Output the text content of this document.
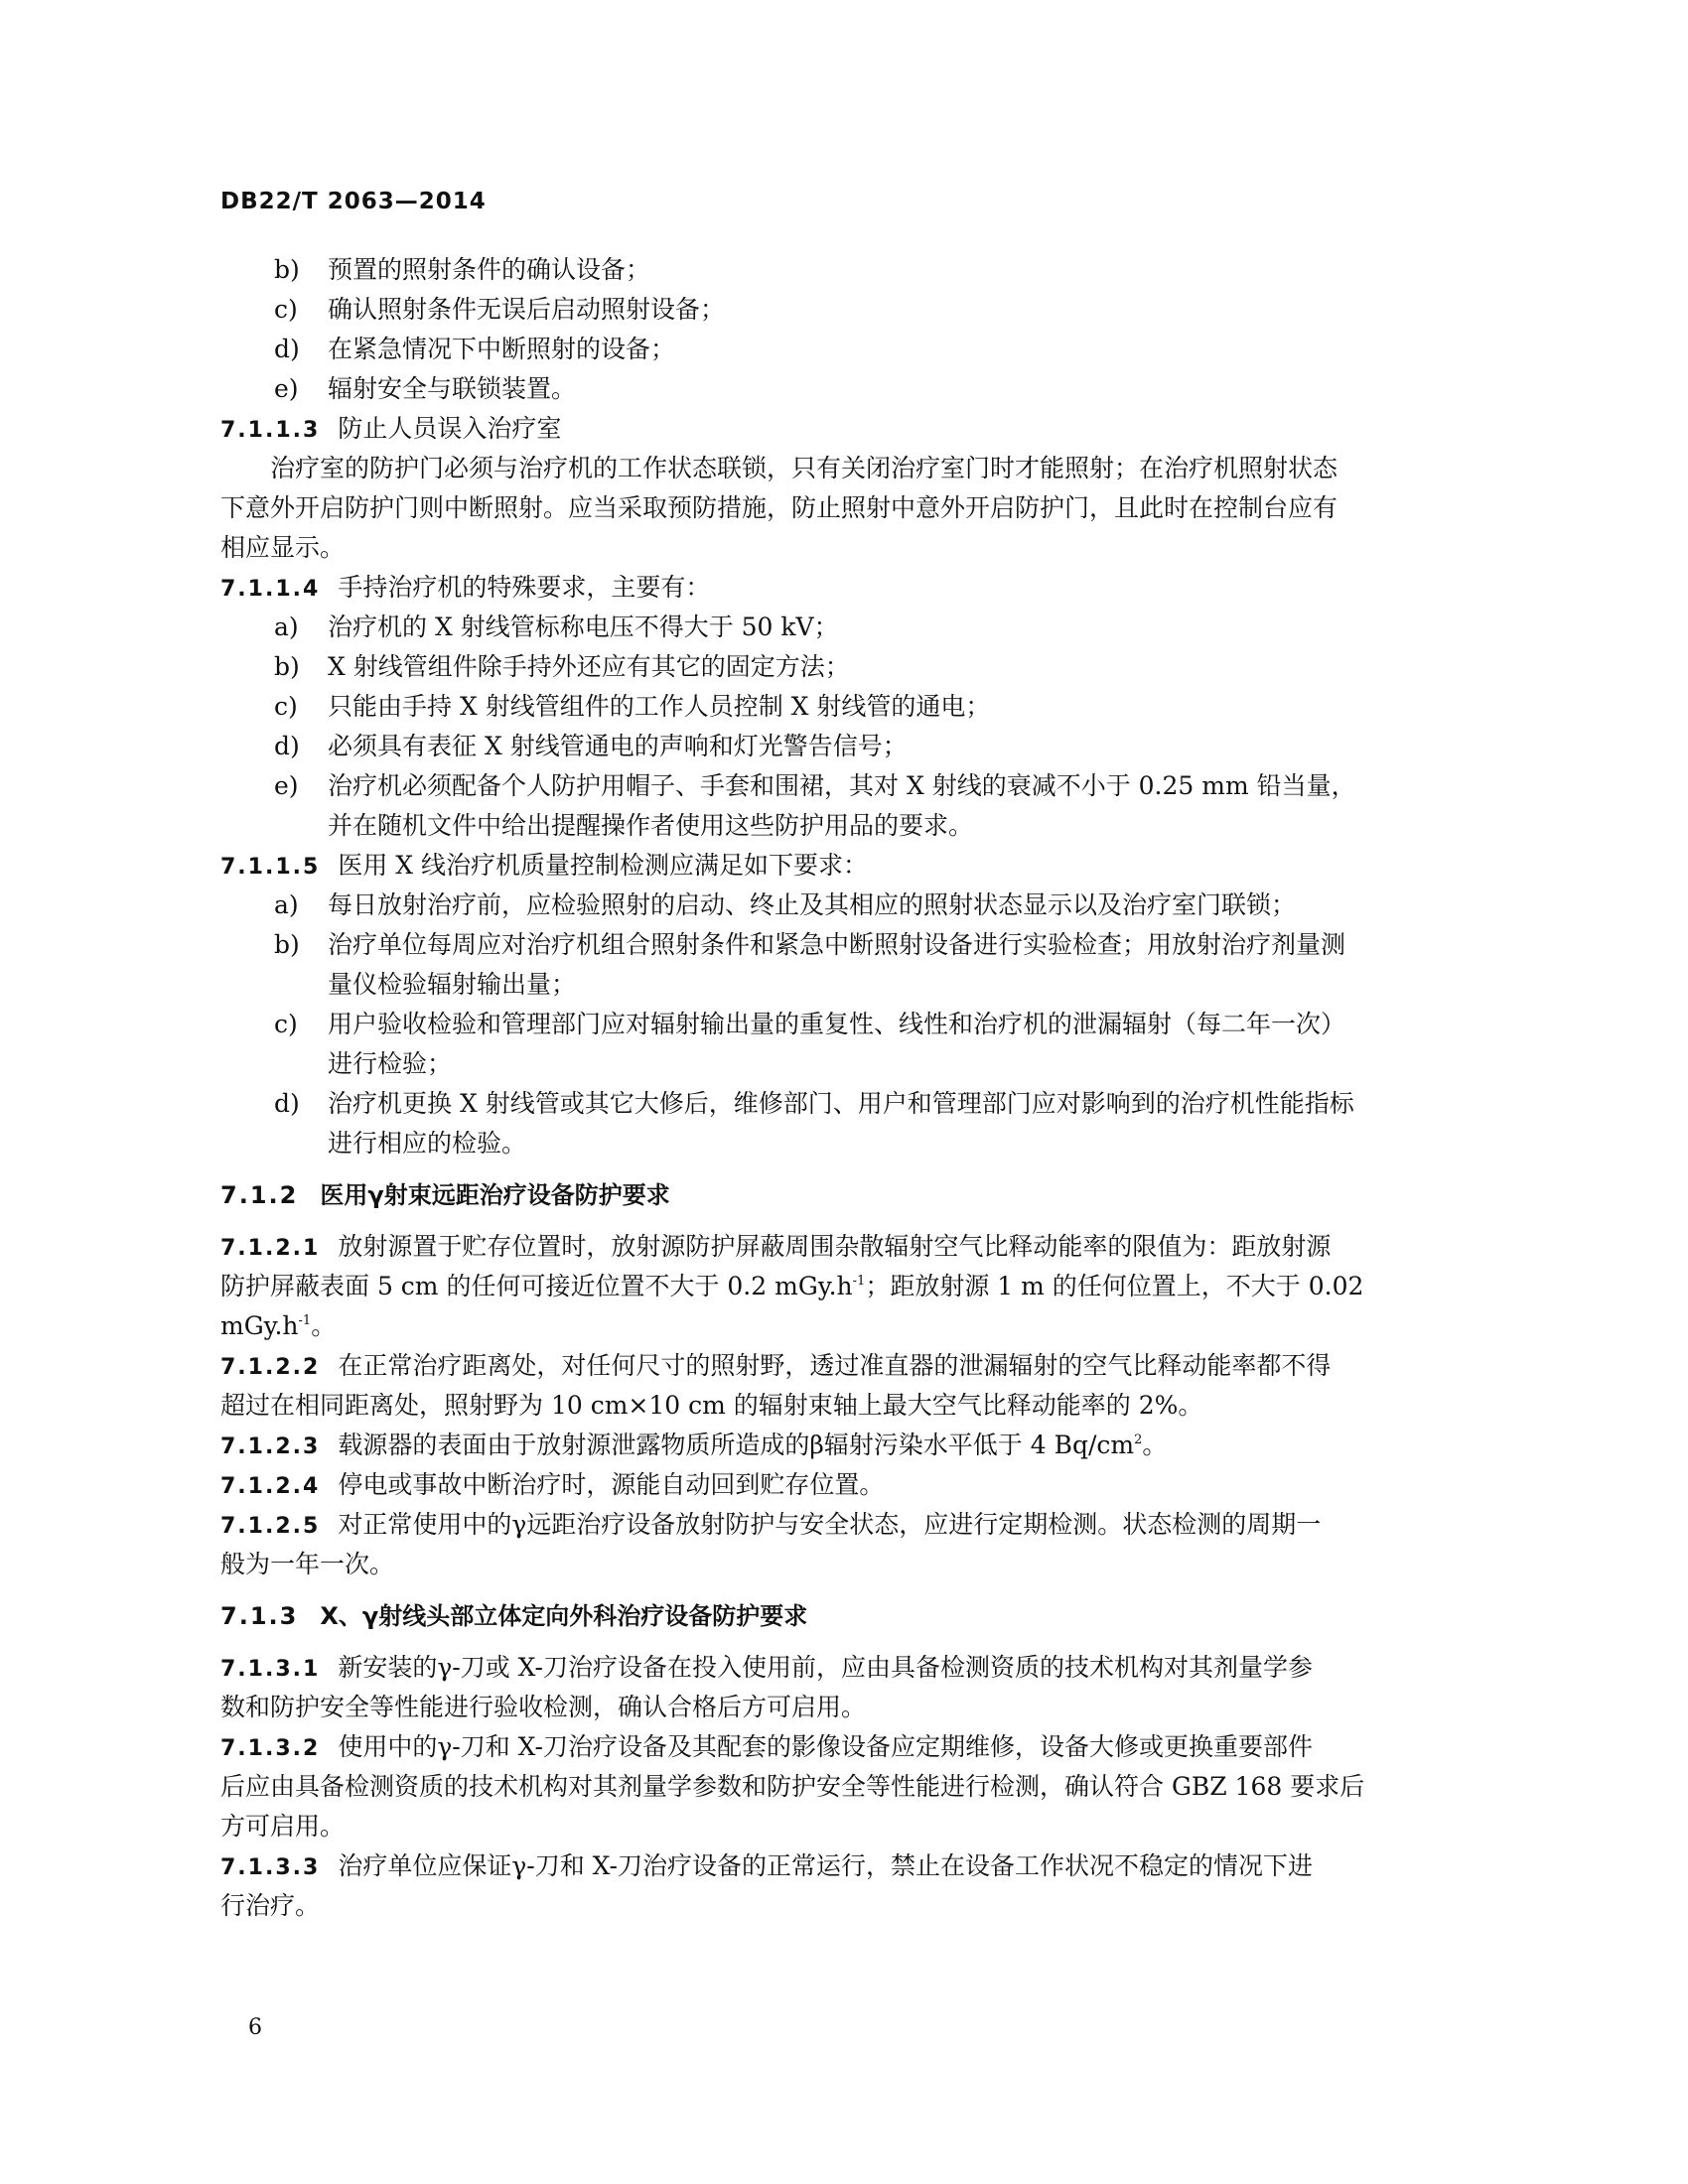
DB22/T 2063—2014
b) 预置的照射条件的确认设备；
c) 确认照射条件无误后启动照射设备；
d) 在紧急情况下中断照射的设备；
e) 辐射安全与联锁装置。
7.1.1.3 防止人员误入治疗室
治疗室的防护门必须与治疗机的工作状态联锁，只有关闭治疗室门时才能照射；在治疗机照射状态
下意外开启防护门则中断照射。应当采取预防措施，防止照射中意外开启防护门，且此时在控制台应有
相应显示。
7.1.1.4 手持治疗机的特殊要求，主要有：
a) 治疗机的 X 射线管标称电压不得大于 50 kV；
b) X 射线管组件除手持外还应有其它的固定方法；
c) 只能由手持 X 射线管组件的工作人员控制 X 射线管的通电；
d) 必须具有表征 X 射线管通电的声响和灯光警告信号；
e) 治疗机必须配备个人防护用帽子、手套和围裙，其对 X 射线的衰减不小于 0.25 mm 铅当量，
并在随机文件中给出提醒操作者使用这些防护用品的要求。
7.1.1.5 医用 X 线治疗机质量控制检测应满足如下要求：
a) 每日放射治疗前，应检验照射的启动、终止及其相应的照射状态显示以及治疗室门联锁；
b) 治疗单位每周应对治疗机组合照射条件和紧急中断照射设备进行实验检查；用放射治疗剂量测
量仪检验辐射输出量；
c) 用户验收检验和管理部门应对辐射输出量的重复性、线性和治疗机的泄漏辐射（每二年一次）
进行检验；
d) 治疗机更换 X 射线管或其它大修后，维修部门、用户和管理部门应对影响到的治疗机性能指标
进行相应的检验。
7.1.2 医用γ射束远距治疗设备防护要求
7.1.2.1 放射源置于贮存位置时，放射源防护屏蔽周围杂散辐射空气比释动能率的限值为：距放射源
防护屏蔽表面 5 cm 的任何可接近位置不大于 0.2 $mGy.h^{-1}$；距放射源 1 m 的任何位置上，不大于 0.02
$mGy.h^{-1}$。
7.1.2.2 在正常治疗距离处，对任何尺寸的照射野，透过准直器的泄漏辐射的空气比释动能率都不得
超过在相同距离处，照射野为 10 cm×10 cm 的辐射束轴上最大空气比释动能率的 2%。
7.1.2.3 载源器的表面由于放射源泄露物质所造成的β辐射污染水平低于 4 $Bq/cm^2$。
7.1.2.4 停电或事故中断治疗时，源能自动回到贮存位置。
7.1.2.5 对正常使用中的γ远距治疗设备放射防护与安全状态，应进行定期检测。状态检测的周期一
般为一年一次。
7.1.3 X、γ射线头部立体定向外科治疗设备防护要求
7.1.3.1 新安装的γ-刀或 X-刀治疗设备在投入使用前，应由具备检测资质的技术机构对其剂量学参
数和防护安全等性能进行验收检测，确认合格后方可启用。
7.1.3.2 使用中的γ-刀和 X-刀治疗设备及其配套的影像设备应定期维修，设备大修或更换重要部件
后应由具备检测资质的技术机构对其剂量学参数和防护安全等性能进行检测，确认符合 GBZ 168 要求后
方可启用。
7.1.3.3 治疗单位应保证γ-刀和 X-刀治疗设备的正常运行，禁止在设备工作状况不稳定的情况下进
行治疗。
6
